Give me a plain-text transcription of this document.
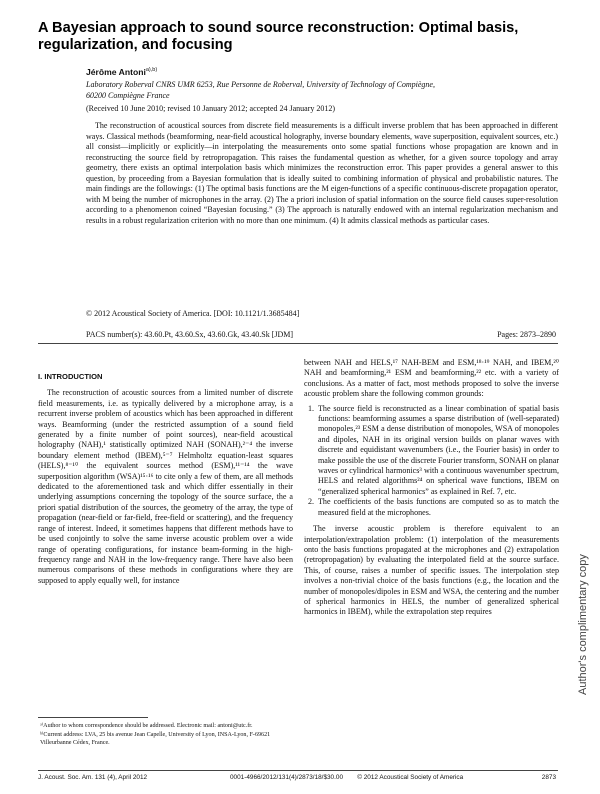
A Bayesian approach to sound source reconstruction: Optimal basis, regularization, and focusing
Jérôme Antoni$^{a),b)}$
Laboratory Roberval CNRS UMR 6253, Rue Personne de Roberval, University of Technology of Compiègne,
60200 Compiègne France
(Received 10 June 2010; revised 10 January 2012; accepted 24 January 2012)

The reconstruction of acoustical sources from discrete field measurements is a difficult inverse problem that has been approached in different ways. Classical methods (beamforming, near-field acoustical holography, inverse boundary elements, wave superposition, equivalent sources, etc.) all consist—implicitly or explicitly—in interpolating the measurements onto some spatial functions whose propagation are known and in reconstructing the source field by retropropagation. This raises the fundamental question as whether, for a given source topology and array geometry, there exists an optimal interpolation basis which minimizes the reconstruction error. This paper provides a general answer to this question, by proceeding from a Bayesian formulation that is ideally suited to combining information of physical and probabilistic natures. The main findings are the followings: (1) The optimal basis functions are the M eigen-functions of a specific continuous-discrete propagation operator, with M being the number of microphones in the array. (2) The a priori inclusion of spatial information on the source field causes super-resolution according to a phenomenon coined “Bayesian focusing.” (3) The approach is naturally endowed with an internal regularization mechanism and results in a robust regularization criterion with no more than one minimum. (4) It admits classical methods as particular cases.

© 2012 Acoustical Society of America. [DOI: 10.1121/1.3685484]
PACS number(s): 43.60.Pt, 43.60.Sx, 43.60.Gk, 43.40.Sk [JDM]	Pages: 2873–2890
I. INTRODUCTION

The reconstruction of acoustic sources from a limited number of discrete field measurements, i.e. as typically delivered by a microphone array, is a recurrent inverse problem of acoustics which has been approached in different ways. Beamforming (under the restricted assumption of a sound field generated by a finite number of point sources), near-field acoustical holography (NAH),¹ statistically optimized NAH (SONAH),²⁻⁴ the inverse boundary element method (IBEM),⁵⁻⁷ Helmholtz equation-least squares (HELS),⁸⁻¹⁰ the equivalent sources method (ESM),¹¹⁻¹⁴ the wave superposition algorithm (WSA)¹⁵·¹⁶ to cite only a few of them, are all methods dedicated to the aforementioned task and which differ essentially in their underlying assumptions concerning the topology of the source surface, the a priori spatial distribution of the sources, the geometry of the array, the type of propagation (near-field or far-field, free-field or scattering), and the frequency range of interest. Indeed, it sometimes happens that different methods have to be used conjointly to solve the same inverse acoustic problem over a wide range of operating configurations, for instance beam-forming in the high-frequency range and NAH in the low-frequency range. There have also been numerous comparisons of these methods in configurations where they are supposed to apply equally well, for instance

between NAH and HELS,¹⁷ NAH-BEM and ESM,¹⁸·¹⁹ NAH, and IBEM,²⁰ NAH and beamforming,²¹ ESM and beamforming,²² etc. with a variety of conclusions. As a matter of fact, most methods proposed to solve the inverse acoustic problem share the following common grounds:

1. The source field is reconstructed as a linear combination of spatial basis functions: beamforming assumes a sparse distribution of (well-separated) monopoles,²³ ESM a dense distribution of monopoles, WSA of monopoles and dipoles, NAH in its original version builds on planar waves with discrete and equidistant wavenumbers (i.e., the Fourier basis) in order to make possible the use of the discrete Fourier transform, SONAH on planar waves or cylindrical harmonics³ with a continuous wavenumber spectrum, HELS and related algorithms²⁴ on spherical wave functions, IBEM on “generalized spherical harmonics” as explained in Ref. 7, etc.
2. The coefficients of the basis functions are computed so as to match the measured field at the microphones.

The inverse acoustic problem is therefore equivalent to an interpolation/extrapolation problem: (1) interpolation of the measurements onto the basis functions propagated at the microphones and (2) extrapolation (retropropagation) by evaluating the interpolated field at the source surface. This, of course, raises a number of specific issues. The interpolation step involves a non-trivial choice of the basis functions (e.g., the location and the number of monopoles/dipoles in ESM and WSA, the centering and the number of spherical harmonics in HELS, the number of generalized spherical harmonics in IBEM), while the extrapolation step requires

ᵃ⁾Author to whom correspondence should be addressed. Electronic mail: antoni@utc.fr.
ᵇ⁾Current address: LVA, 25 bis avenue Jean Capelle, University of Lyon, INSA-Lyon, F-69621 Villeurbanne Cédex, France.
J. Acoust. Soc. Am. 131 (4), April 2012	0001-4966/2012/131(4)/2873/18/$30.00 © 2012 Acoustical Society of America	2873
Author's complimentary copy
